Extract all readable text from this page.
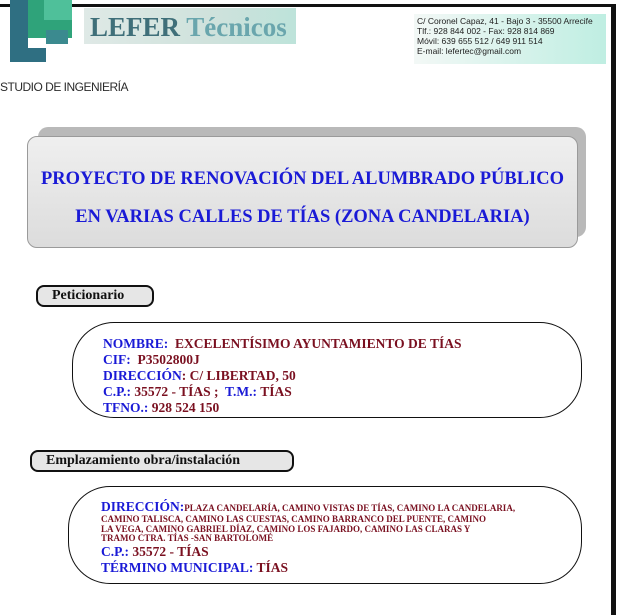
STUDIO DE INGENIERÍA
LEFER Técnicos	C/ Coronel Capaz, 41 - Bajo 3 - 35500 Arrecife
Tlf.: 928 844 002 - Fax: 928 814 869
Móvil: 639 655 512 / 649 911 514
E-mail: lefertec@gmail.com
PROYECTO DE RENOVACIÓN DEL ALUMBRADO PÚBLICO
EN VARIAS CALLES DE TÍAS (ZONA CANDELARIA)
Peticionario
NOMBRE: EXCELENTÍSIMO AYUNTAMIENTO DE TÍAS
CIF: P3502800J
DIRECCIÓN: C/ LIBERTAD, 50
C.P.: 35572 - TÍAS ; T.M.: TÍAS
TFNO.: 928 524 150
Emplazamiento obra/instalación
DIRECCIÓN:PLAZA CANDELARÍA, CAMINO VISTAS DE TÍAS, CAMINO LA CANDELARIA,
CAMINO TALISCA, CAMINO LAS CUESTAS, CAMINO BARRANCO DEL PUENTE, CAMINO
LA VEGA, CAMINO GABRIEL DÍAZ, CAMINO LOS FAJARDO, CAMINO LAS CLARAS Y
TRAMO CTRA. TÍAS -SAN BARTOLOMÉ
C.P.: 35572 - TÍAS
TÉRMINO MUNICIPAL: TÍAS
